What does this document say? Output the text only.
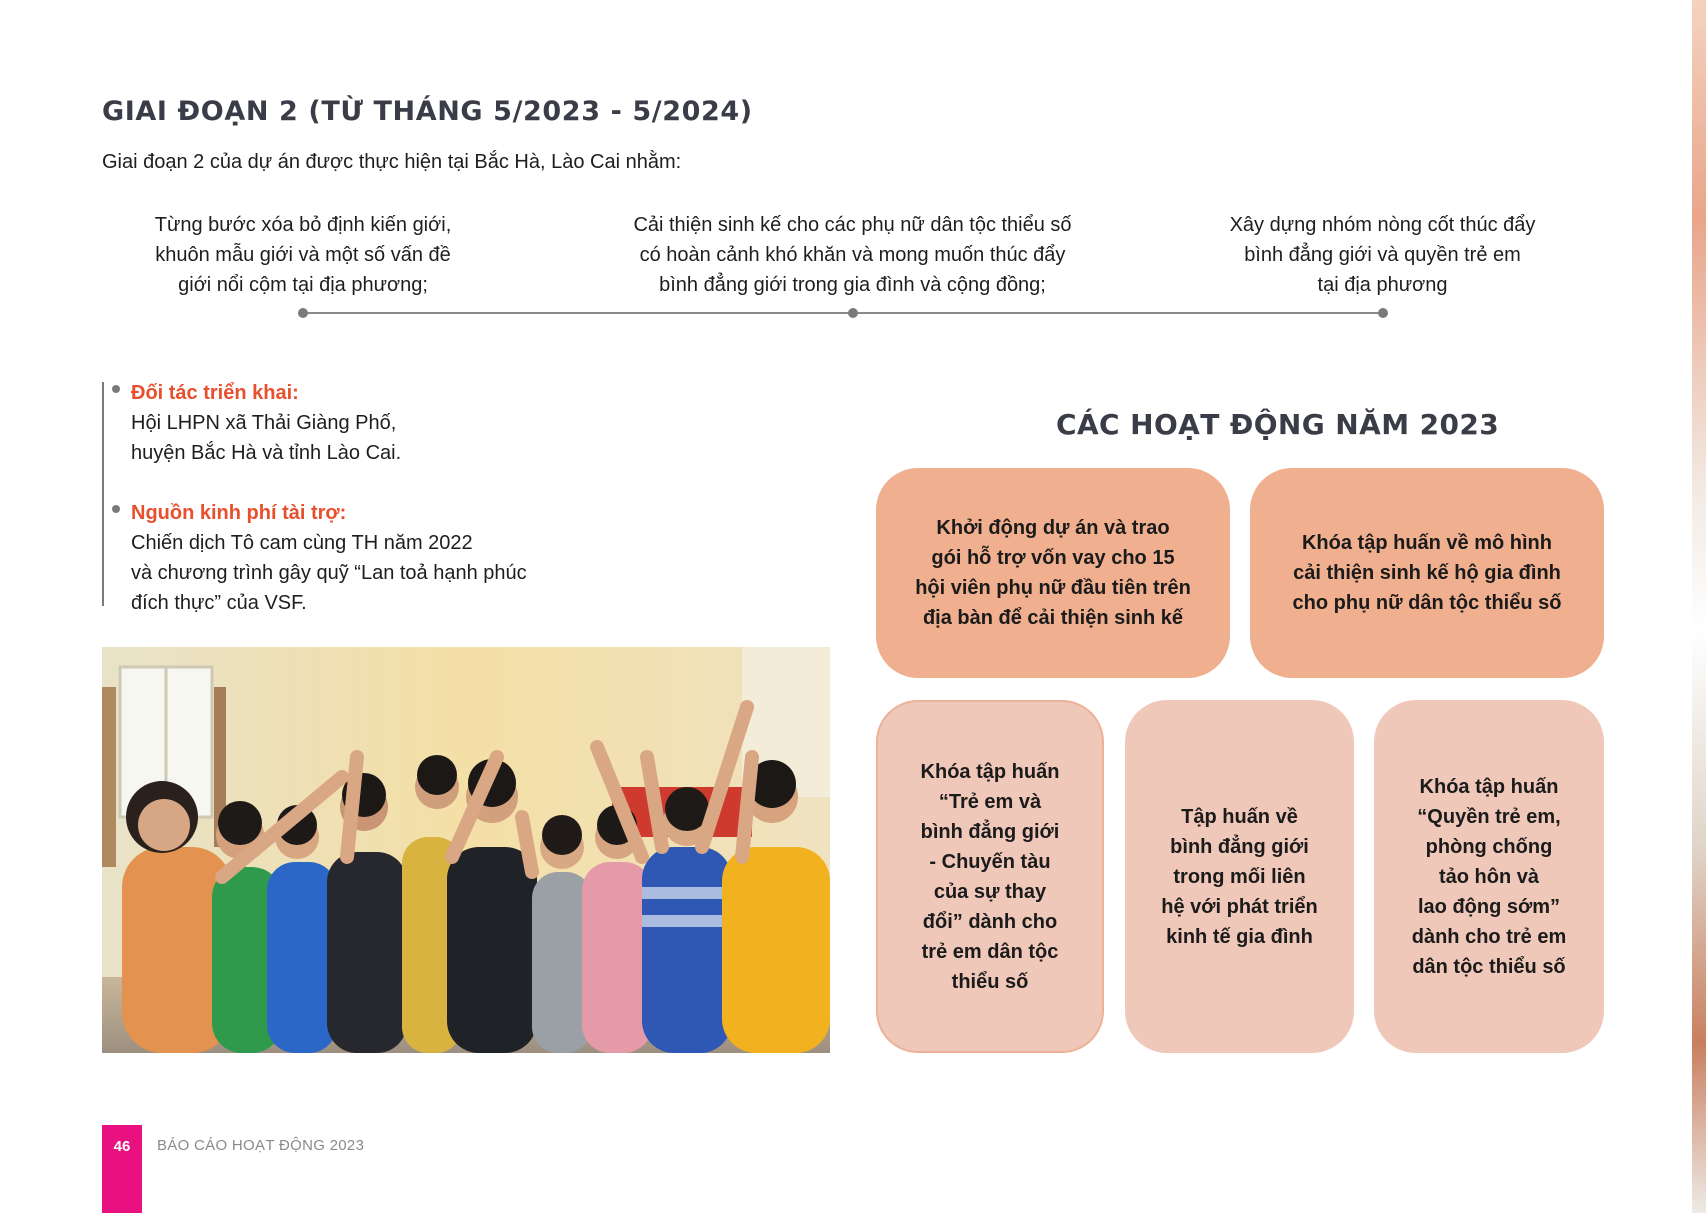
GIAI ĐOẠN 2 (TỪ THÁNG 5/2023 - 5/2024)
Giai đoạn 2 của dự án được thực hiện tại Bắc Hà, Lào Cai nhằm:
Từng bước xóa bỏ định kiến giới,
khuôn mẫu giới và một số vấn đề
giới nổi cộm tại địa phương;
Cải thiện sinh kế cho các phụ nữ dân tộc thiểu số
có hoàn cảnh khó khăn và mong muốn thúc đẩy
bình đẳng giới trong gia đình và cộng đồng;
Xây dựng nhóm nòng cốt thúc đẩy
bình đẳng giới và quyền trẻ em
tại địa phương
Đối tác triển khai:
Hội LHPN xã Thải Giàng Phố,
huyện Bắc Hà và tỉnh Lào Cai.
Nguồn kinh phí tài trợ:
Chiến dịch Tô cam cùng TH năm 2022
và chương trình gây quỹ “Lan toả hạnh phúc
đích thực” của VSF.
CÁC HOẠT ĐỘNG NĂM 2023
Khởi động dự án và trao
gói hỗ trợ vốn vay cho 15
hội viên phụ nữ đầu tiên trên
địa bàn để cải thiện sinh kế
Khóa tập huấn về mô hình
cải thiện sinh kế hộ gia đình
cho phụ nữ dân tộc thiểu số
Khóa tập huấn
“Trẻ em và
bình đẳng giới
- Chuyến tàu
của sự thay
đổi” dành cho
trẻ em dân tộc
thiểu số
Tập huấn về
bình đẳng giới
trong mối liên
hệ với phát triển
kinh tế gia đình
Khóa tập huấn
“Quyền trẻ em,
phòng chống
tảo hôn và
lao động sớm”
dành cho trẻ em
dân tộc thiểu số
46	BÁO CÁO HOẠT ĐỘNG 2023
